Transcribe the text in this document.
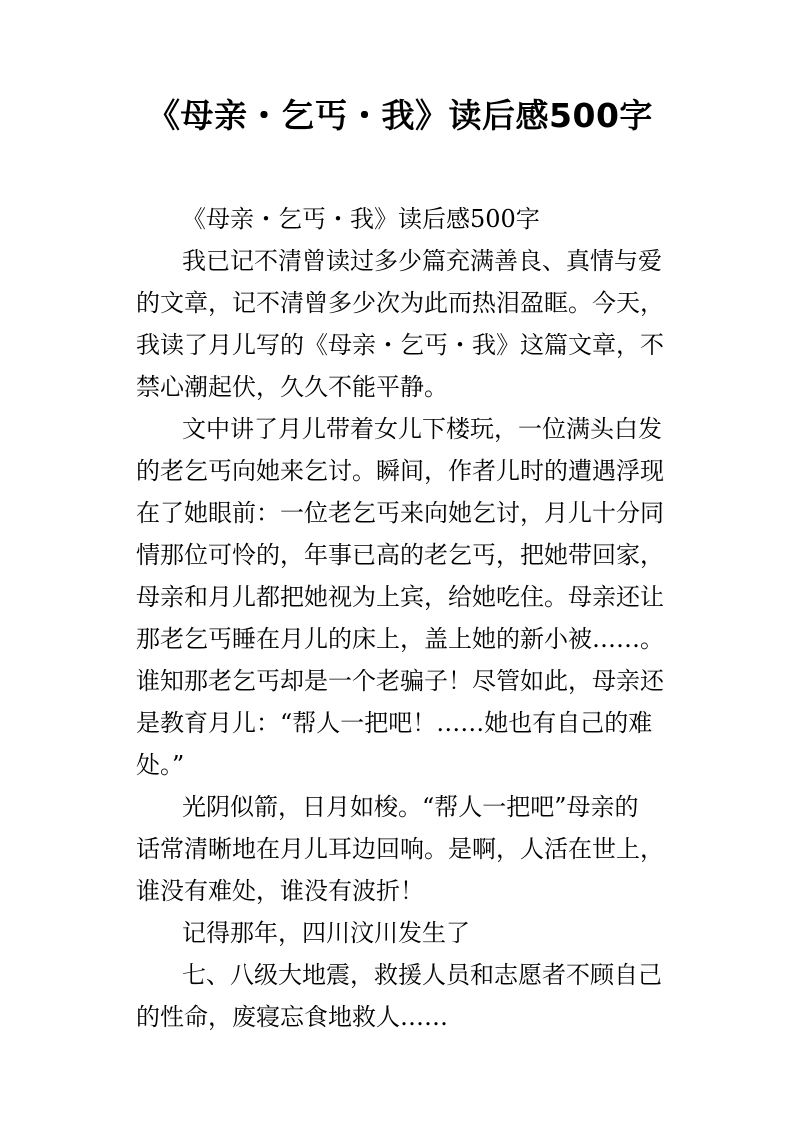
《母亲・乞丐・我》读后感500字
《母亲・乞丐・我》读后感500字
我已记不清曾读过多少篇充满善良、真情与爱
的文章，记不清曾多少次为此而热泪盈眶。今天，
我读了月儿写的《母亲・乞丐・我》这篇文章，不
禁心潮起伏，久久不能平静。
文中讲了月儿带着女儿下楼玩，一位满头白发
的老乞丐向她来乞讨。瞬间，作者儿时的遭遇浮现
在了她眼前：一位老乞丐来向她乞讨，月儿十分同
情那位可怜的，年事已高的老乞丐，把她带回家，
母亲和月儿都把她视为上宾，给她吃住。母亲还让
那老乞丐睡在月儿的床上，盖上她的新小被……。
谁知那老乞丐却是一个老骗子！尽管如此，母亲还
是教育月儿：“帮人一把吧！……她也有自己的难
处。”
光阴似箭，日月如梭。“帮人一把吧”母亲的
话常清晰地在月儿耳边回响。是啊，人活在世上，
谁没有难处，谁没有波折！
记得那年，四川汶川发生了
七、八级大地震，救援人员和志愿者不顾自己
的性命，废寝忘食地救人……
